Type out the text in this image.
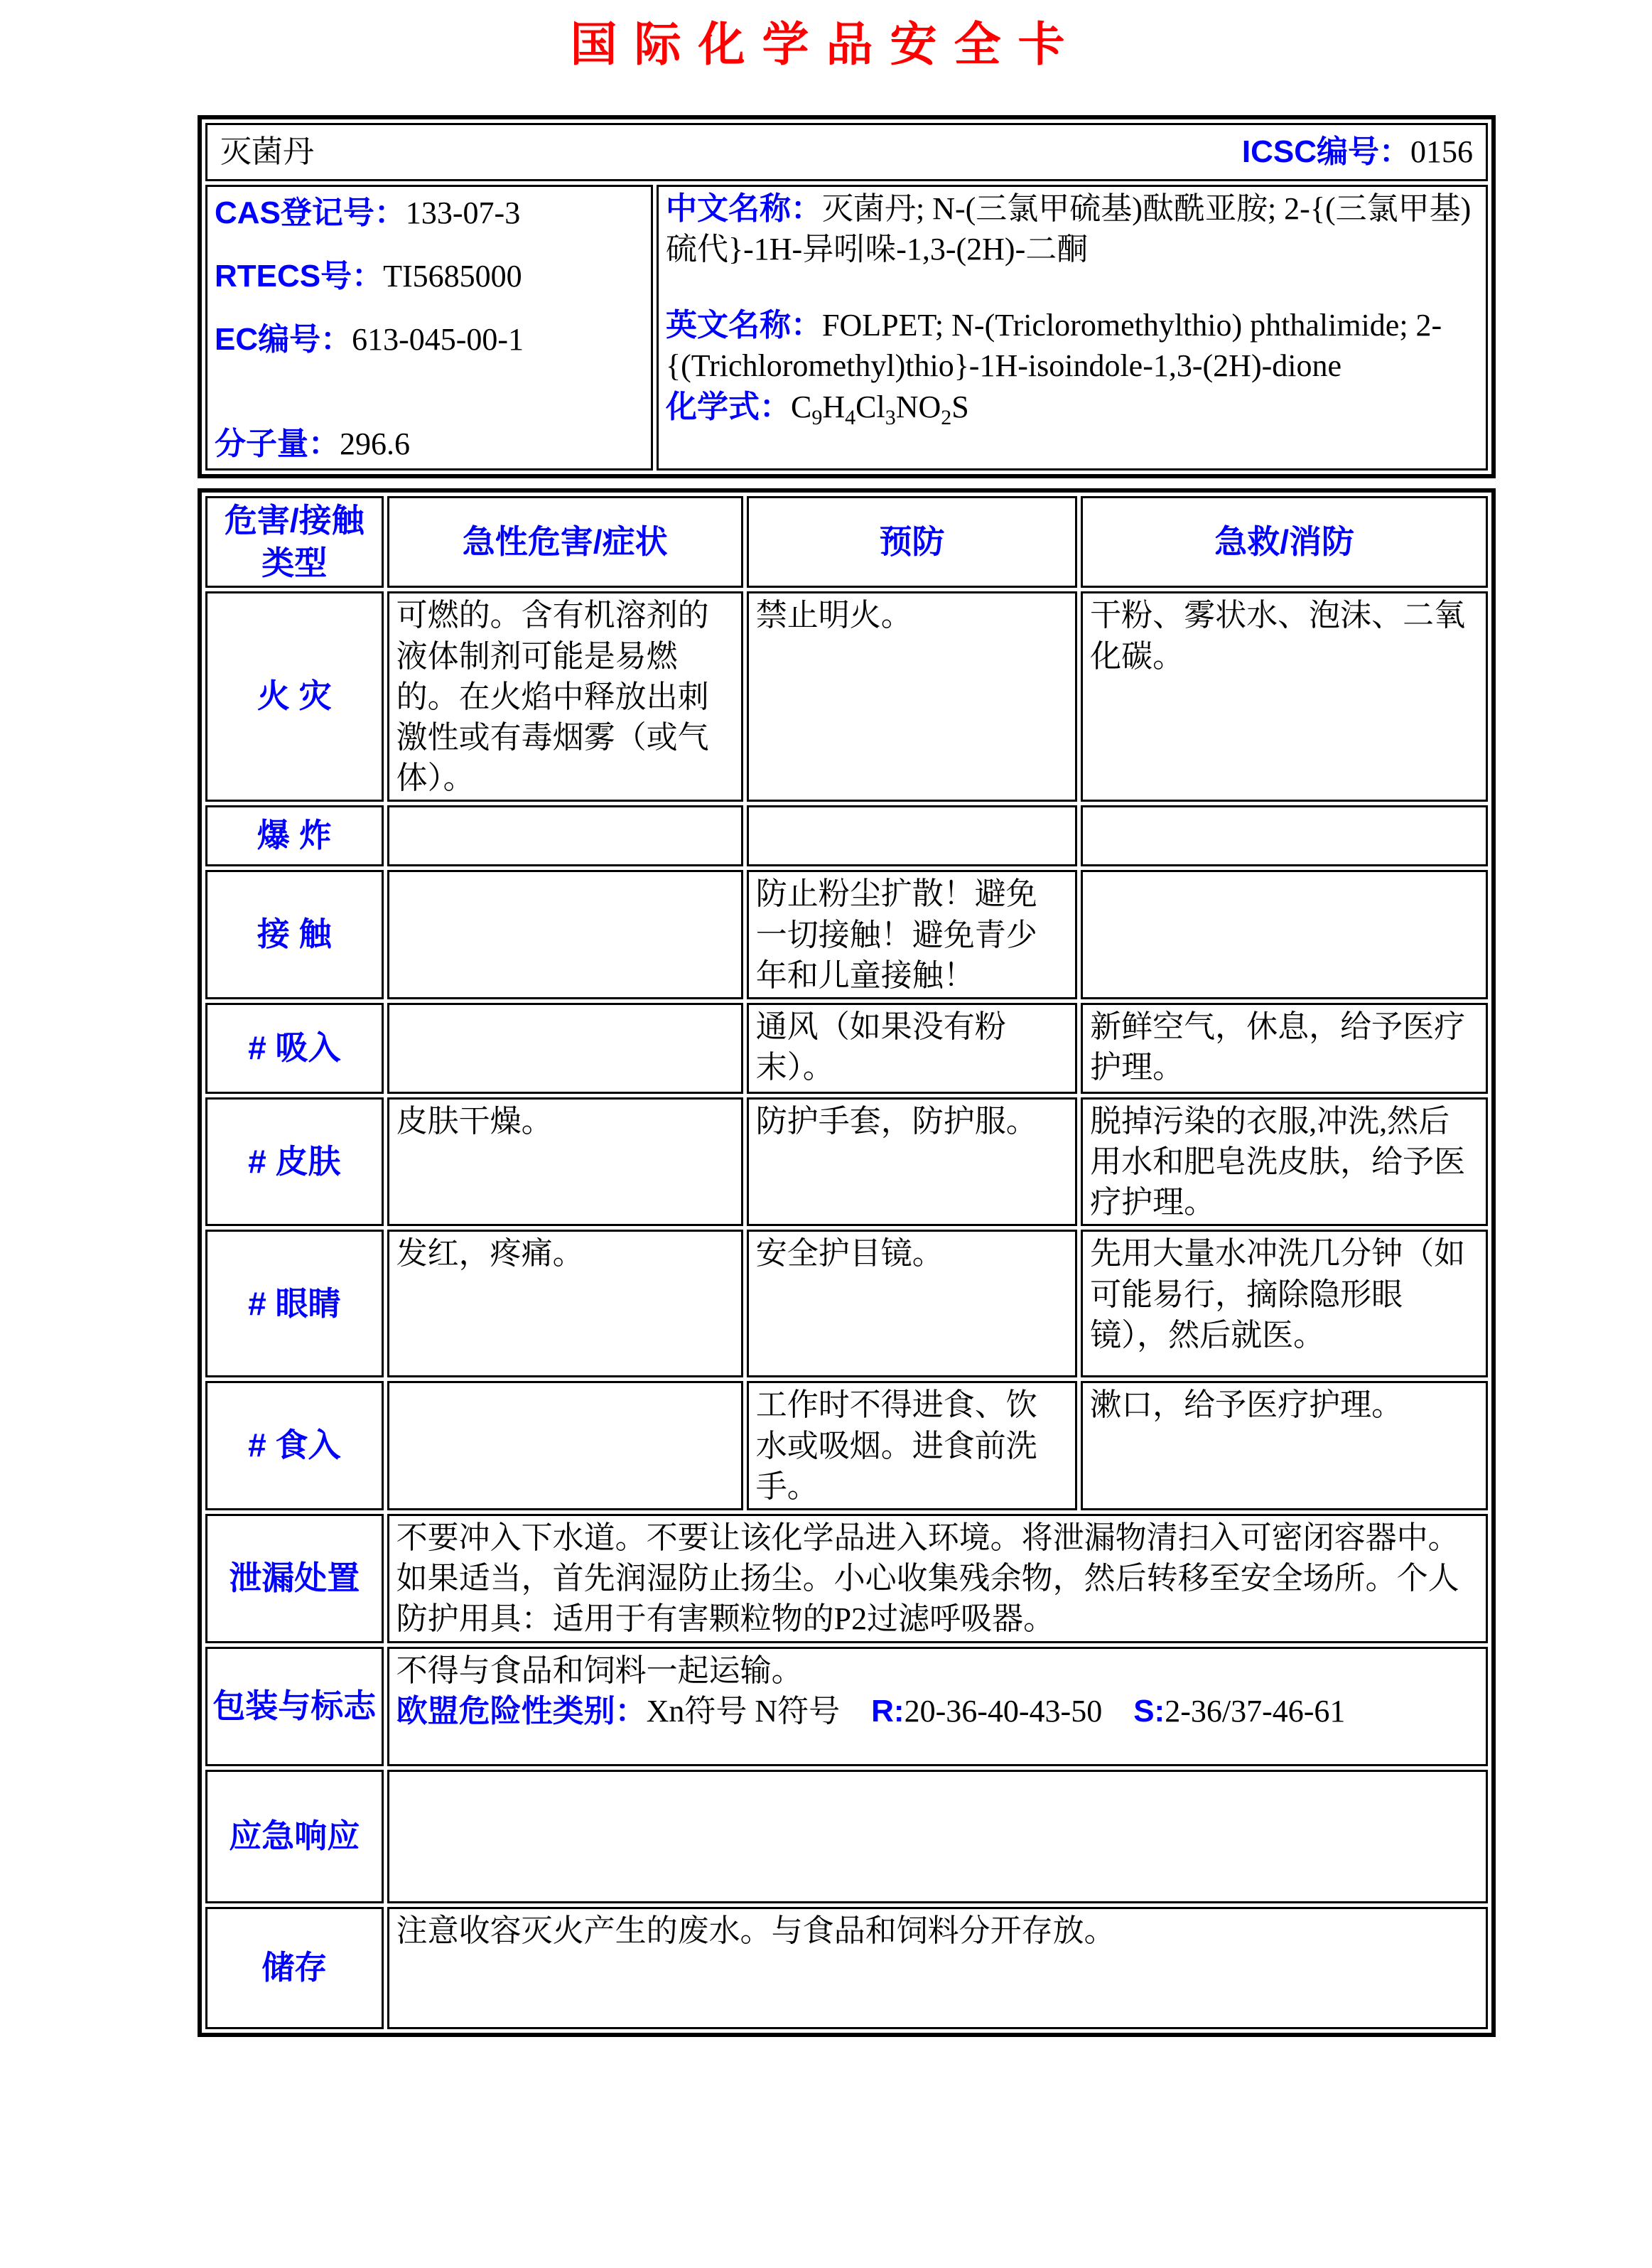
国际化学品安全卡
灭菌丹	ICSC编号：0156

CAS登记号：133-07-3
RTECS号：TI5685000
EC编号：613-045-00-1
分子量：296.6

中文名称：灭菌丹; N-(三氯甲硫基)酞酰亚胺; 2-{(三氯甲基)硫代}-1H-异吲哚-1,3-(2H)-二酮
英文名称：FOLPET; N-(Tricloromethylthio) phthalimide; 2-{(Trichloromethyl)thio}-1H-isoindole-1,3-(2H)-dione
化学式：$C_9H_4Cl_3NO_2S$
危害/接触类型	急性危害/症状	预防	急救/消防
火 灾	可燃的。含有机溶剂的液体制剂可能是易燃的。在火焰中释放出刺激性或有毒烟雾（或气体）。	禁止明火。	干粉、雾状水、泡沫、二氧化碳。
爆 炸			
接 触		防止粉尘扩散！避免一切接触！避免青少年和儿童接触！	
# 吸入		通风（如果没有粉末）。	新鲜空气，休息，给予医疗护理。
# 皮肤	皮肤干燥。	防护手套，防护服。	脱掉污染的衣服,冲洗,然后用水和肥皂洗皮肤，给予医疗护理。
# 眼睛	发红，疼痛。	安全护目镜。	先用大量水冲洗几分钟（如可能易行，摘除隐形眼镜），然后就医。
# 食入		工作时不得进食、饮水或吸烟。进食前洗手。	漱口，给予医疗护理。
泄漏处置	不要冲入下水道。不要让该化学品进入环境。将泄漏物清扫入可密闭容器中。如果适当，首先润湿防止扬尘。小心收集残余物，然后转移至安全场所。个人防护用具：适用于有害颗粒物的P2过滤呼吸器。		
包装与标志	不得与食品和饲料一起运输。
欧盟危险性类别：Xn符号 N符号 R:20-36-40-43-50 S:2-36/37-46-61		

应急响应			
储存	注意收容灭火产生的废水。与食品和饲料分开存放。		
